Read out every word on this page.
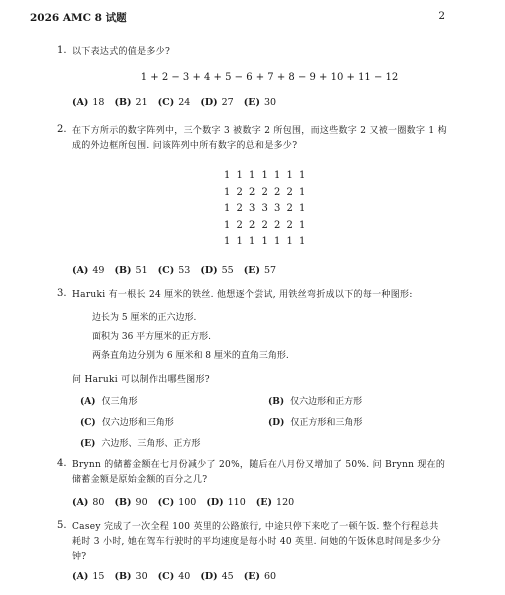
2026 AMC 8 试题	2
1. 以下表达式的值是多少?
1 + 2 − 3 + 4 + 5 − 6 + 7 + 8 − 9 + 10 + 11 − 12
(A) 18 (B) 21 (C) 24 (D) 27 (E) 30
2. 在下方所示的数字阵列中，三个数字 3 被数字 2 所包围，而这些数字 2 又被一圈数字 1 构
成的外边框所包围. 问该阵列中所有数字的总和是多少?
1 1 1 1 1 1 1
1 2 2 2 2 2 1
1 2 3 3 3 2 1
1 2 2 2 2 2 1
1 1 1 1 1 1 1
(A) 49 (B) 51 (C) 53 (D) 55 (E) 57
3. Haruki 有一根长 24 厘米的铁丝. 他想逐个尝试, 用铁丝弯折成以下的每一种图形:
边长为 5 厘米的正六边形.
面积为 36 平方厘米的正方形.
两条直角边分别为 6 厘米和 8 厘米的直角三角形.
问 Haruki 可以制作出哪些图形?
(A) 仅三角形	(B) 仅六边形和正方形
(C) 仅六边形和三角形	(D) 仅正方形和三角形
(E) 六边形、三角形、正方形
4. Brynn 的储蓄金额在七月份减少了 20%，随后在八月份又增加了 50%. 问 Brynn 现在的
储蓄金额是原始金额的百分之几?
(A) 80 (B) 90 (C) 100 (D) 110 (E) 120
5. Casey 完成了一次全程 100 英里的公路旅行, 中途只停下来吃了一顿午饭. 整个行程总共
耗时 3 小时, 她在驾车行驶时的平均速度是每小时 40 英里. 问她的午饭休息时间是多少分
钟?
(A) 15 (B) 30 (C) 40 (D) 45 (E) 60
